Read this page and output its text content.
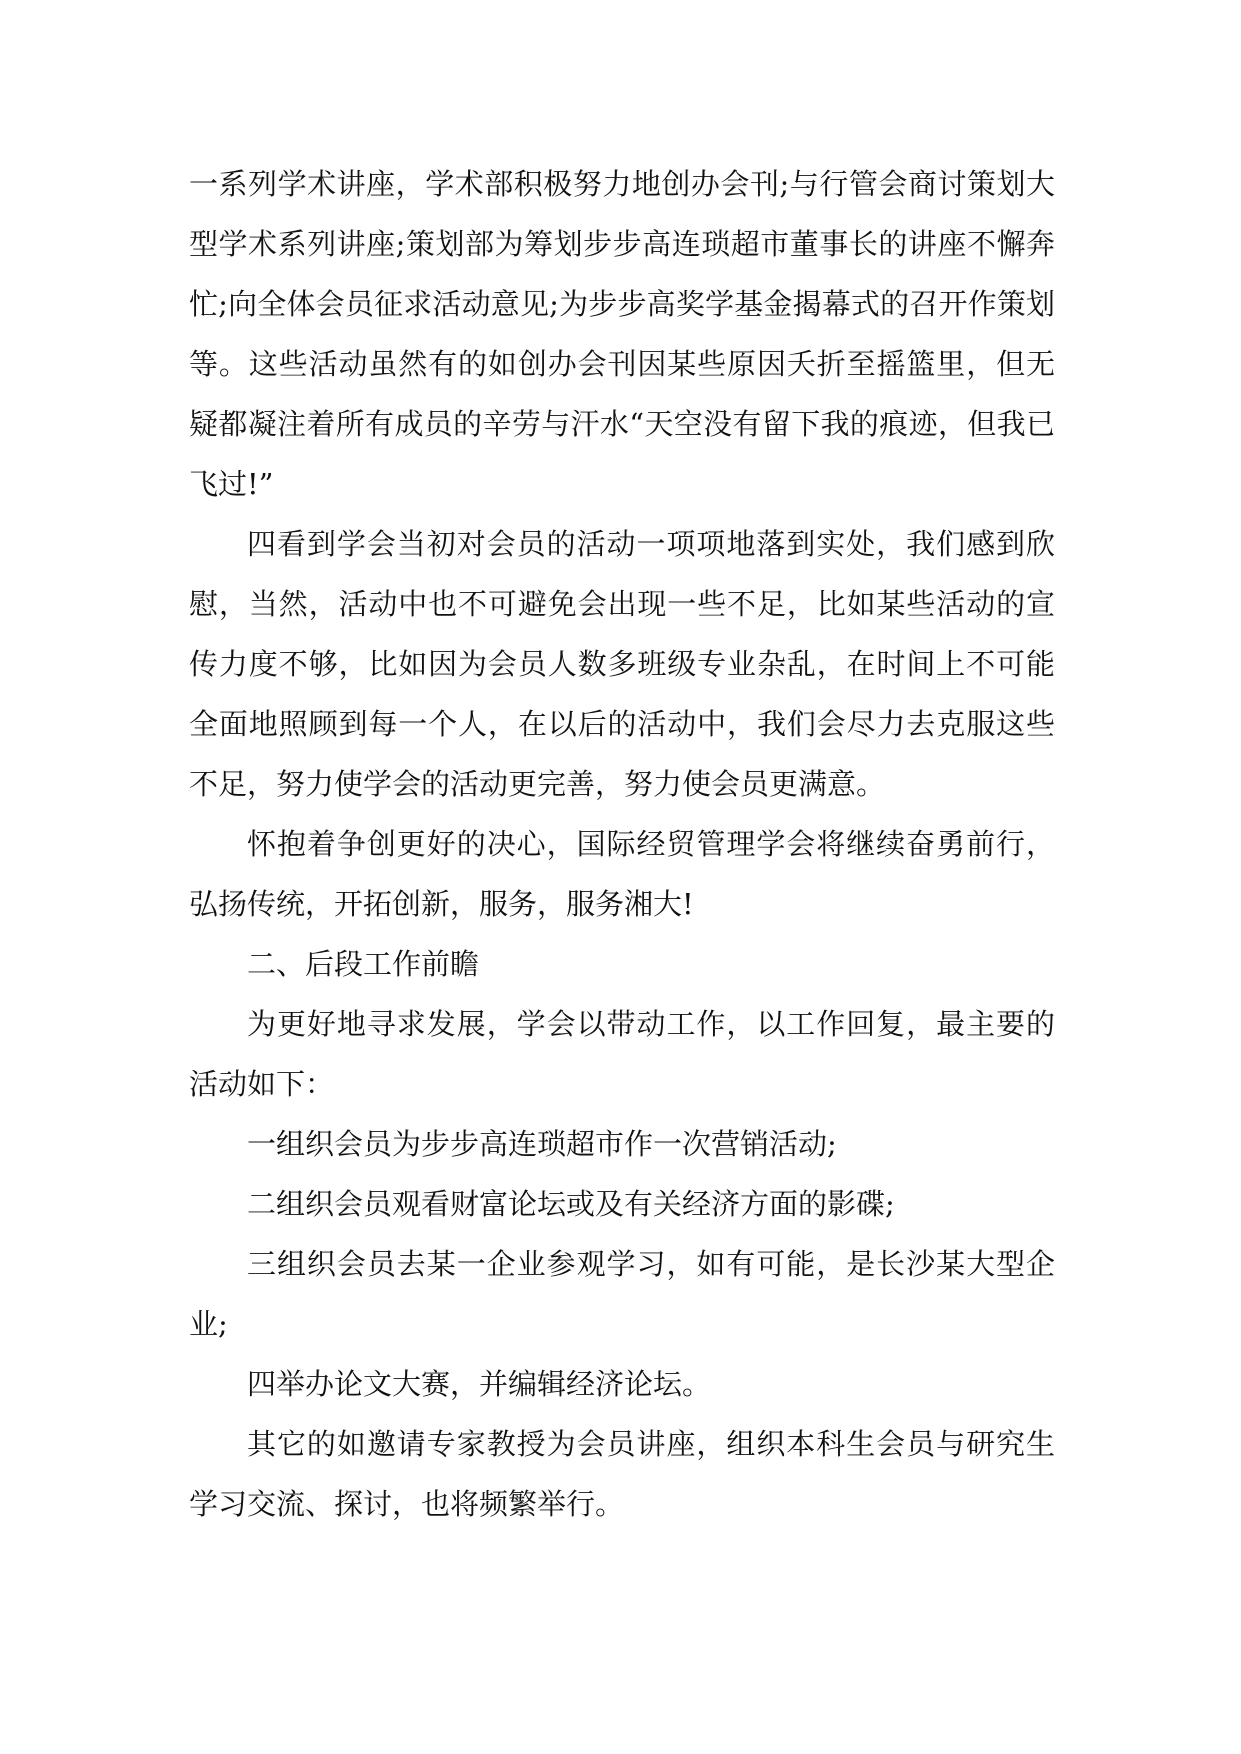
一系列学术讲座，学术部积极努力地创办会刊;与行管会商讨策划大型学术系列讲座;策划部为筹划步步高连琐超市董事长的讲座不懈奔忙;向全体会员征求活动意见;为步步高奖学基金揭幕式的召开作策划等。这些活动虽然有的如创办会刊因某些原因夭折至摇篮里，但无疑都凝注着所有成员的辛劳与汗水“天空没有留下我的痕迹，但我已飞过!”

四看到学会当初对会员的活动一项项地落到实处，我们感到欣慰，当然，活动中也不可避免会出现一些不足，比如某些活动的宣传力度不够，比如因为会员人数多班级专业杂乱，在时间上不可能全面地照顾到每一个人，在以后的活动中，我们会尽力去克服这些不足，努力使学会的活动更完善，努力使会员更满意。

怀抱着争创更好的决心，国际经贸管理学会将继续奋勇前行，弘扬传统，开拓创新，服务，服务湘大!

二、后段工作前瞻

为更好地寻求发展，学会以带动工作，以工作回复，最主要的活动如下：

一组织会员为步步高连琐超市作一次营销活动;

二组织会员观看财富论坛或及有关经济方面的影碟;

三组织会员去某一企业参观学习，如有可能，是长沙某大型企业;

四举办论文大赛，并编辑经济论坛。

其它的如邀请专家教授为会员讲座，组织本科生会员与研究生学习交流、探讨，也将频繁举行。
